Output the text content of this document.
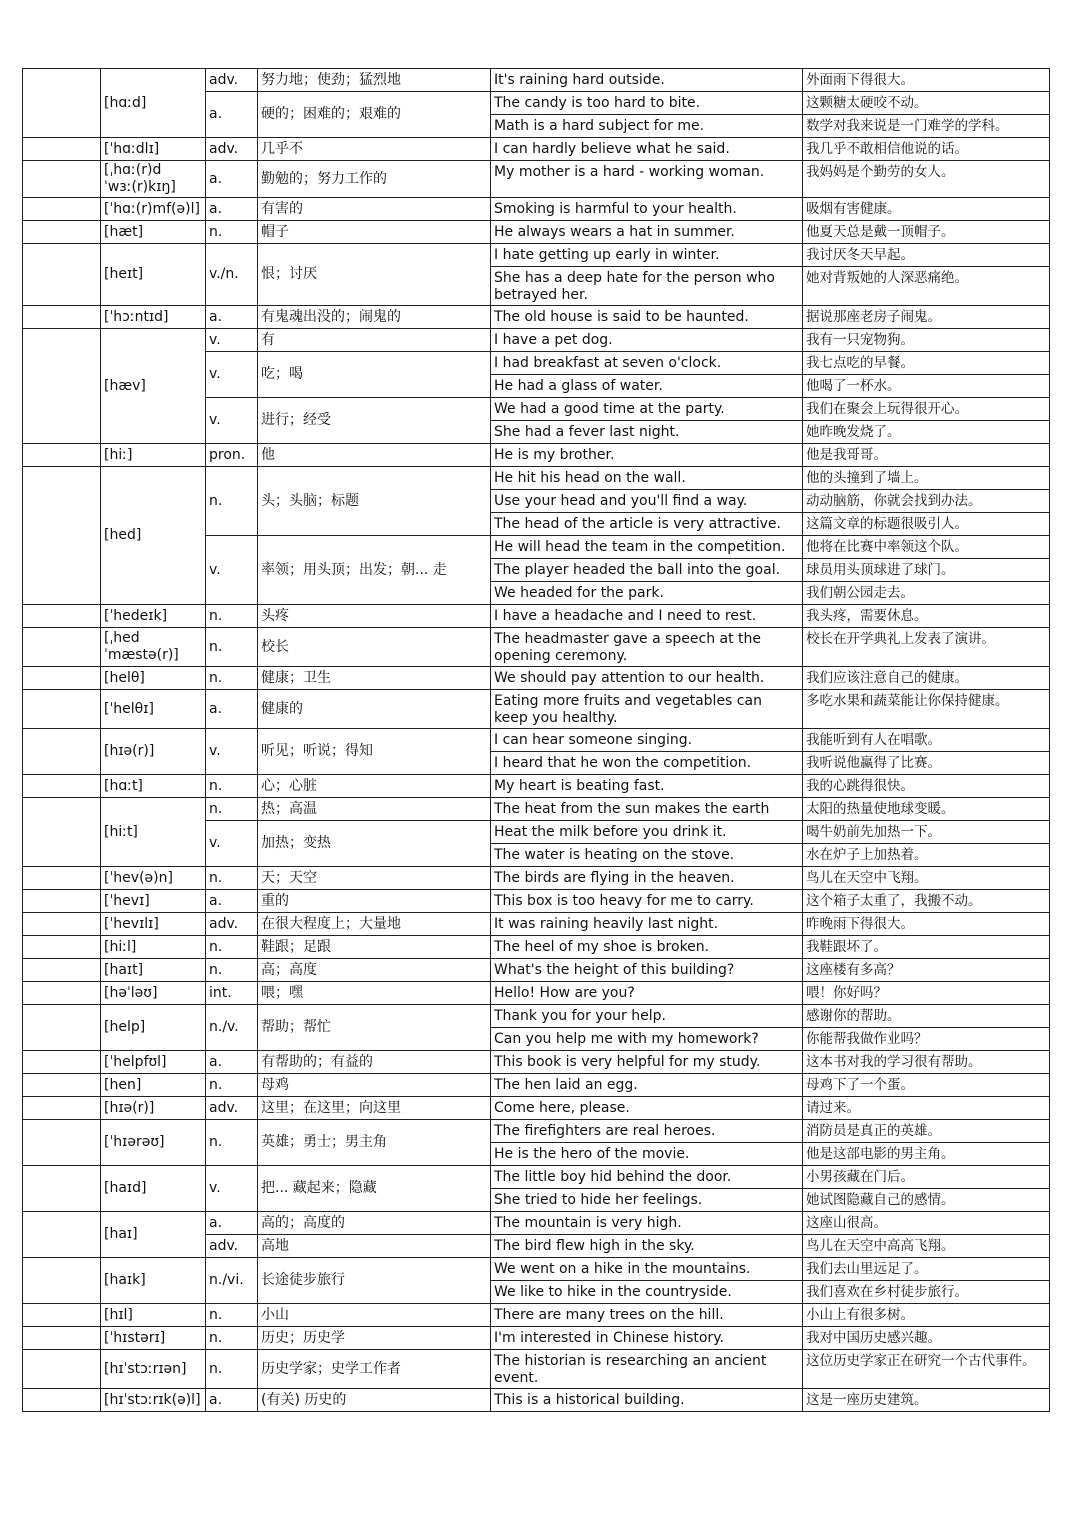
	[hɑːd]	adv.	努力地；使劲；猛烈地	It's raining hard outside.	外面雨下得很大。
		a.	硬的；困难的；艰难的	The candy is too hard to bite.	这颗糖太硬咬不动。
				Math is a hard subject for me.	数学对我来说是一门难学的学科。
	[ˈhɑːdlɪ]	adv.	几乎不	I can hardly believe what he said.	我几乎不敢相信他说的话。
	[ˌhɑː(r)dˈwɜː(r)kɪŋ]	a.	勤勉的；努力工作的	My mother is a hard - working woman.	我妈妈是个勤劳的女人。
	[ˈhɑː(r)mf(ə)l]	a.	有害的	Smoking is harmful to your health.	吸烟有害健康。
	[hæt]	n.	帽子	He always wears a hat in summer.	他夏天总是戴一顶帽子。
	[heɪt]	v./n.	恨；讨厌	I hate getting up early in winter.	我讨厌冬天早起。
				She has a deep hate for the person who betrayed her.	她对背叛她的人深恶痛绝。
	[ˈhɔːntɪd]	a.	有鬼魂出没的；闹鬼的	The old house is said to be haunted.	据说那座老房子闹鬼。
	[hæv]	v.	有	I have a pet dog.	我有一只宠物狗。
		v.	吃；喝	I had breakfast at seven o'clock.	我七点吃的早餐。
				He had a glass of water.	他喝了一杯水。
		v.	进行；经受	We had a good time at the party.	我们在聚会上玩得很开心。
				She had a fever last night.	她昨晚发烧了。
	[hiː]	pron.	他	He is my brother.	他是我哥哥。
	[hed]	n.	头；头脑；标题	He hit his head on the wall.	他的头撞到了墙上。
				Use your head and you'll find a way.	动动脑筋，你就会找到办法。
				The head of the article is very attractive.	这篇文章的标题很吸引人。
		v.	率领；用头顶；出发；朝... 走	He will head the team in the competition.	他将在比赛中率领这个队。
				The player headed the ball into the goal.	球员用头顶球进了球门。
				We headed for the park.	我们朝公园走去。
	[ˈhedeɪk]	n.	头疼	I have a headache and I need to rest.	我头疼，需要休息。
	[ˌhedˈmæstə(r)]	n.	校长	The headmaster gave a speech at the opening ceremony.	校长在开学典礼上发表了演讲。
	[helθ]	n.	健康；卫生	We should pay attention to our health.	我们应该注意自己的健康。
	[ˈhelθɪ]	a.	健康的	Eating more fruits and vegetables can keep you healthy.	多吃水果和蔬菜能让你保持健康。
	[hɪə(r)]	v.	听见；听说；得知	I can hear someone singing.	我能听到有人在唱歌。
				I heard that he won the competition.	我听说他赢得了比赛。
	[hɑːt]	n.	心；心脏	My heart is beating fast.	我的心跳得很快。
	[hiːt]	n.	热；高温	The heat from the sun makes the earth	太阳的热量使地球变暖。
		v.	加热；变热	Heat the milk before you drink it.	喝牛奶前先加热一下。
				The water is heating on the stove.	水在炉子上加热着。
	[ˈhev(ə)n]	n.	天；天空	The birds are flying in the heaven.	鸟儿在天空中飞翔。
	[ˈhevɪ]	a.	重的	This box is too heavy for me to carry.	这个箱子太重了，我搬不动。
	[ˈhevɪlɪ]	adv.	在很大程度上；大量地	It was raining heavily last night.	昨晚雨下得很大。
	[hiːl]	n.	鞋跟；足跟	The heel of my shoe is broken.	我鞋跟坏了。
	[haɪt]	n.	高；高度	What's the height of this building?	这座楼有多高？
	[həˈləʊ]	int.	喂；嘿	Hello! How are you?	喂！你好吗？
	[help]	n./v.	帮助；帮忙	Thank you for your help.	感谢你的帮助。
				Can you help me with my homework?	你能帮我做作业吗？
	[ˈhelpfʊl]	a.	有帮助的；有益的	This book is very helpful for my study.	这本书对我的学习很有帮助。
	[hen]	n.	母鸡	The hen laid an egg.	母鸡下了一个蛋。
	[hɪə(r)]	adv.	这里；在这里；向这里	Come here, please.	请过来。
	[ˈhɪərəʊ]	n.	英雄；勇士；男主角	The firefighters are real heroes.	消防员是真正的英雄。
				He is the hero of the movie.	他是这部电影的男主角。
	[haɪd]	v.	把... 藏起来；隐藏	The little boy hid behind the door.	小男孩藏在门后。
				She tried to hide her feelings.	她试图隐藏自己的感情。
	[haɪ]	a.	高的；高度的	The mountain is very high.	这座山很高。
		adv.	高地	The bird flew high in the sky.	鸟儿在天空中高高飞翔。
	[haɪk]	n./vi.	长途徒步旅行	We went on a hike in the mountains.	我们去山里远足了。
				We like to hike in the countryside.	我们喜欢在乡村徒步旅行。
	[hɪl]	n.	小山	There are many trees on the hill.	小山上有很多树。
	[ˈhɪstərɪ]	n.	历史；历史学	I'm interested in Chinese history.	我对中国历史感兴趣。
	[hɪˈstɔːrɪən]	n.	历史学家；史学工作者	The historian is researching an ancient event.	这位历史学家正在研究一个古代事件。
	[hɪˈstɔːrɪk(ə)l]	a.	(有关) 历史的	This is a historical building.	这是一座历史建筑。
